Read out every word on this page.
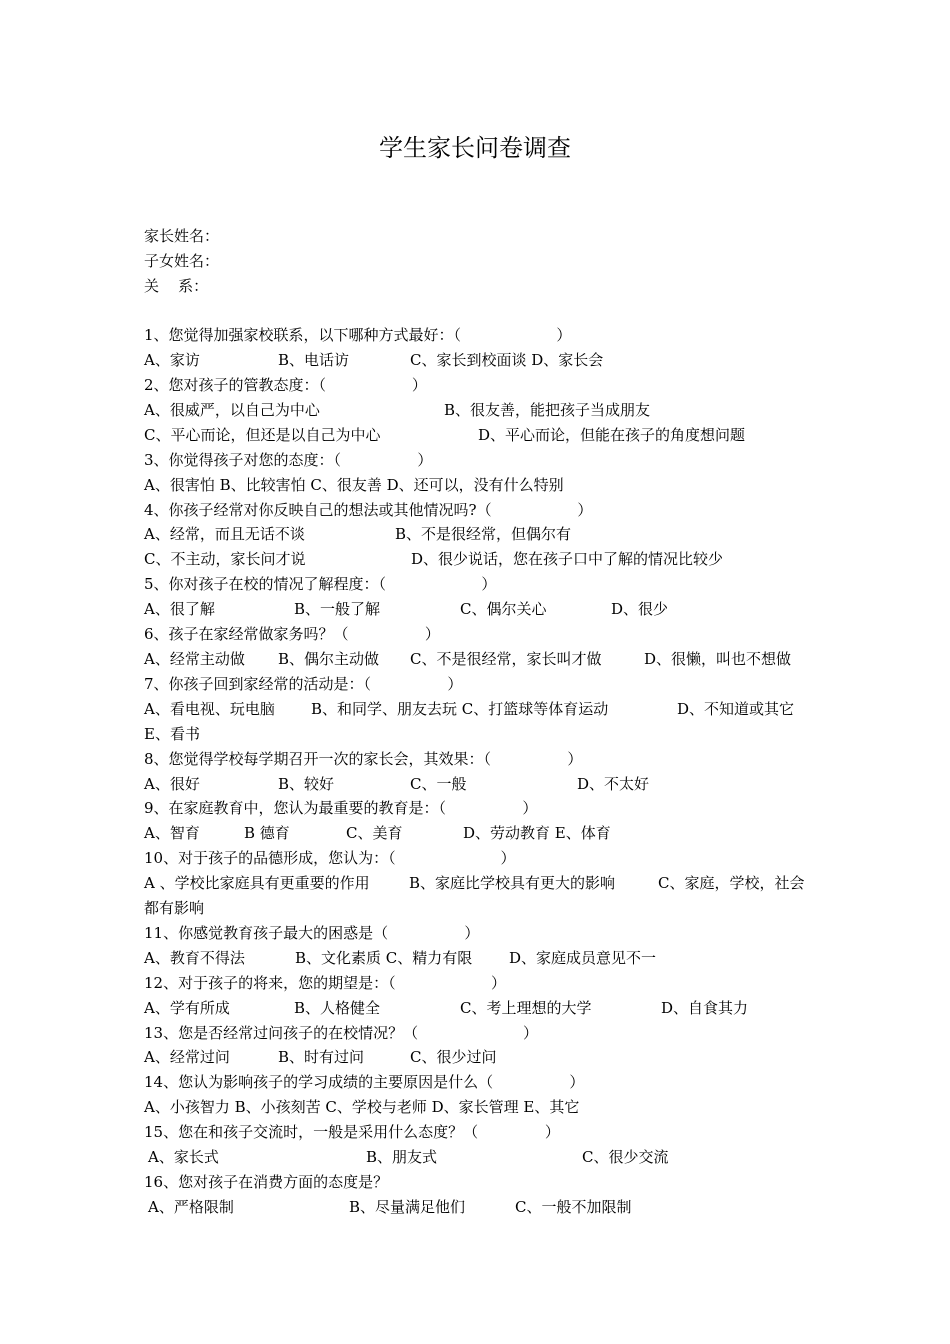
学生家长问卷调查
家长姓名：
子女姓名：
关    系：
1、您觉得加强家校联系，以下哪种方式最好：（                    ）

A、家访

	B、电话访

	C、家长到校面谈 D、家长会

2、您对孩子的管教态度：（                  ）

A、很威严，以自己为中心

	B、很友善，能把孩子当成朋友

C、平心而论，但还是以自己为中心

	D、平心而论，但能在孩子的角度想问题

3、你觉得孩子对您的态度：（                ）

A、很害怕 B、比较害怕 C、很友善 D、还可以，没有什么特别

4、你孩子经常对你反映自己的想法或其他情况吗?（                  ）

A、经常，而且无话不谈

	B、不是很经常，但偶尔有

C、不主动，家长问才说

	D、很少说话，您在孩子口中了解的情况比较少

5、你对孩子在校的情况了解程度：（                    ）

A、很了解

	B、一般了解

	C、偶尔关心

	D、很少

6、孩子在家经常做家务吗？（                ）

A、经常主动做

B、偶尔主动做

C、不是很经常，家长叫才做

	D、很懒，叫也不想做

7、你孩子回到家经常的活动是：（                ）

A、看电视、玩电脑

B、和同学、朋友去玩 C、打篮球等体育运动

	D、不知道或其它

E、看书

8、您觉得学校每学期召开一次的家长会，其效果：（                ）

A、很好

	B、较好

	C、一般

	D、不太好

9、在家庭教育中，您认为最重要的教育是：（                ）

A、智育

	B 德育

	C、美育

	D、劳动教育 E、体育

10、对于孩子的品德形成，您认为：（                      ）

A 、学校比家庭具有更重要的作用

	B、家庭比学校具有更大的影响

	C、家庭，学校，社会

都有影响

11、你感觉教育孩子最大的困惑是（                ）

A、教育不得法

	B、文化素质 C、精力有限

D、家庭成员意见不一

12、对于孩子的将来，您的期望是：（                    ）

A、学有所成

	B、人格健全

	C、考上理想的大学

	D、自食其力

13、您是否经常过问孩子的在校情况？（                      ）

A、经常过问

	B、时有过问

	C、很少过问

14、您认为影响孩子的学习成绩的主要原因是什么（                ）

A、小孩智力 B、小孩刻苦 C、学校与老师 D、家长管理 E、其它

15、您在和孩子交流时，一般是采用什么态度？（              ）

A、家长式

	B、朋友式

	C、很少交流

16、您对孩子在消费方面的态度是？

A、严格限制

	B、尽量满足他们

	C、一般不加限制
